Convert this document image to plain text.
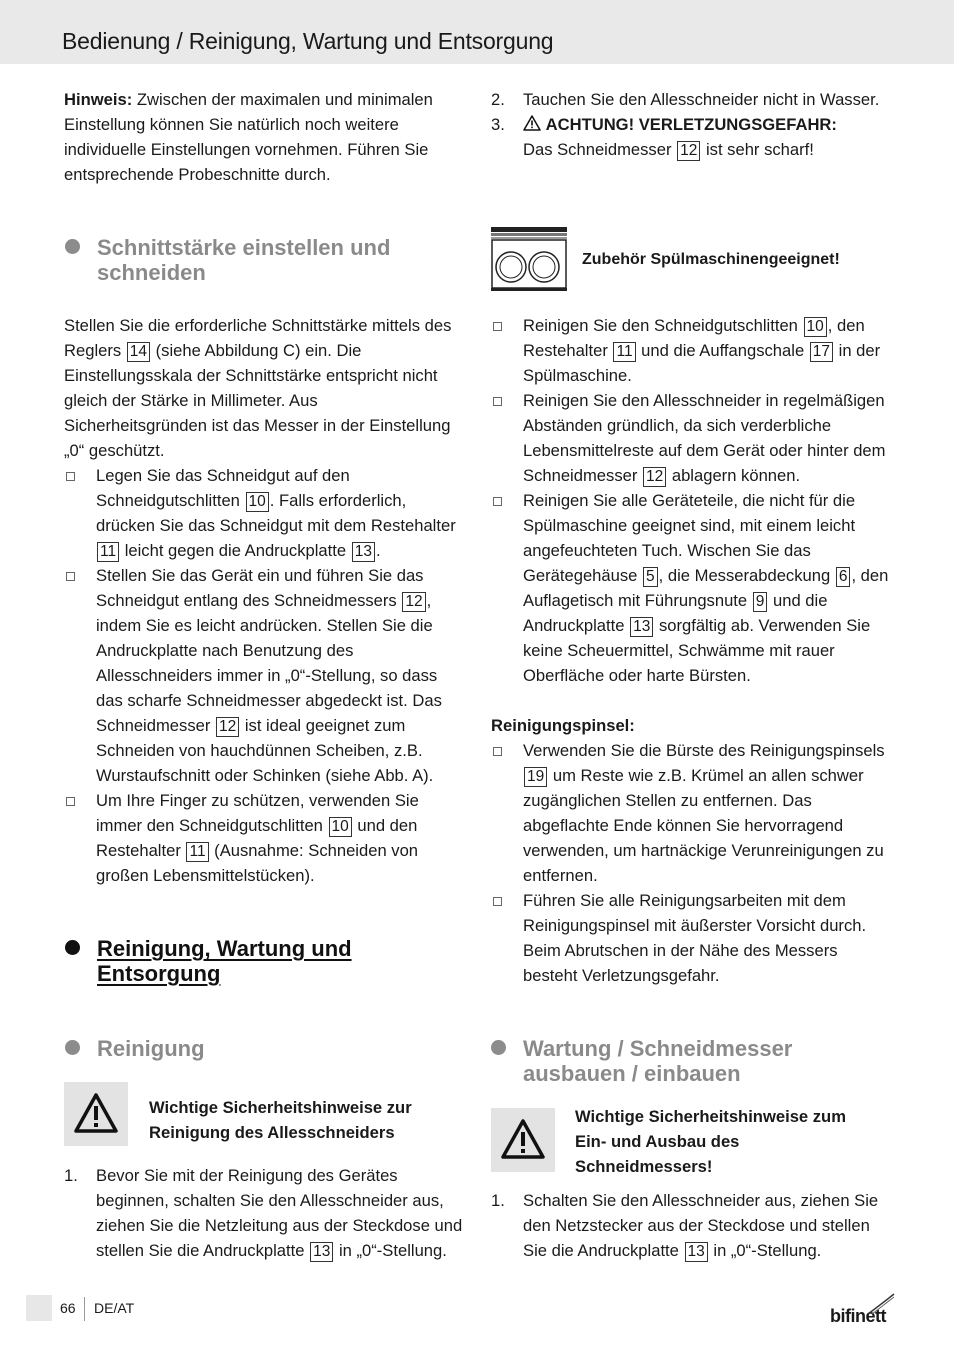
Bedienung / Reinigung, Wartung und Entsorgung

Hinweis: Zwischen der maximalen und minimalen Einstellung können Sie natürlich noch weitere individuelle Einstellungen vornehmen. Führen Sie entsprechende Probeschnitte durch.

Schnittstärke einstellen und schneiden

Stellen Sie die erforderliche Schnittstärke mittels des Reglers 14 (siehe Abbildung C) ein. Die Einstellungsskala der Schnittstärke entspricht nicht gleich der Stärke in Millimeter. Aus Sicherheitsgründen ist das Messer in der Einstellung „0“ geschützt.

Legen Sie das Schneidgut auf den Schneidgutschlitten 10 . Falls erforderlich, drücken Sie das Schneidgut mit dem Restehalter 11 leicht gegen die Andruckplatte 13 .
Stellen Sie das Gerät ein und führen Sie das Schneidgut entlang des Schneidmessers 12 , indem Sie es leicht andrücken. Stellen Sie die Andruckplatte nach Benutzung des Allesschneiders immer in „0“-Stellung, so dass das scharfe Schneidmesser abgedeckt ist. Das Schneidmesser 12 ist ideal geeignet zum Schneiden von hauchdünnen Scheiben, z.B. Wurstaufschnitt oder Schinken (siehe Abb. A).
Um Ihre Finger zu schützen, verwenden Sie immer den Schneidgutschlitten 10 und den Restehalter 11 (Ausnahme: Schneiden von großen Lebensmittelstücken).
Reinigung, Wartung und Entsorgung
Reinigung
Wichtige Sicherheitshinweise zur Reinigung des Allesschneiders
1. Bevor Sie mit der Reinigung des Gerätes beginnen, schalten Sie den Allesschneider aus, ziehen Sie die Netzleitung aus der Steckdose und stellen Sie die Andruckplatte 13 in „0“-Stellung.
2. Tauchen Sie den Allesschneider nicht in Wasser.
3. ACHTUNG! VERLETZUNGSGEFAHR:
Das Schneidmesser 12 ist sehr scharf!
Zubehör Spülmaschinengeeignet!
Reinigen Sie den Schneidgutschlitten 10 , den Restehalter 11 und die Auffangschale 17 in der Spülmaschine.
Reinigen Sie den Allesschneider in regelmäßigen Abständen gründlich, da sich verderbliche Lebensmittelreste auf dem Gerät oder hinter dem Schneidmesser 12 ablagern können.
Reinigen Sie alle Geräteteile, die nicht für die Spülmaschine geeignet sind, mit einem leicht angefeuchteten Tuch. Wischen Sie das Gerätegehäuse 5 , die Messerabdeckung 6 , den Auflagetisch mit Führungsnute 9 und die Andruckplatte 13 sorgfältig ab. Verwenden Sie keine Scheuermittel, Schwämme mit rauer Oberfläche oder harte Bürsten.

Reinigungspinsel:

Verwenden Sie die Bürste des Reinigungspinsels 19 um Reste wie z.B. Krümel an allen schwer zugänglichen Stellen zu entfernen. Das abgeflachte Ende können Sie hervorragend verwenden, um hartnäckige Verunreinigungen zu entfernen.
Führen Sie alle Reinigungsarbeiten mit dem Reinigungspinsel mit äußerster Vorsicht durch. Beim Abrutschen in der Nähe des Messers besteht Verletzungsgefahr.
Wartung / Schneidmesser ausbauen / einbauen
Wichtige Sicherheitshinweise zum Ein- und Ausbau des Schneidmessers!
1. Schalten Sie den Allesschneider aus, ziehen Sie den Netzstecker aus der Steckdose und stellen Sie die Andruckplatte 13 in „0“-Stellung.
66 DE/AT	bifinett
